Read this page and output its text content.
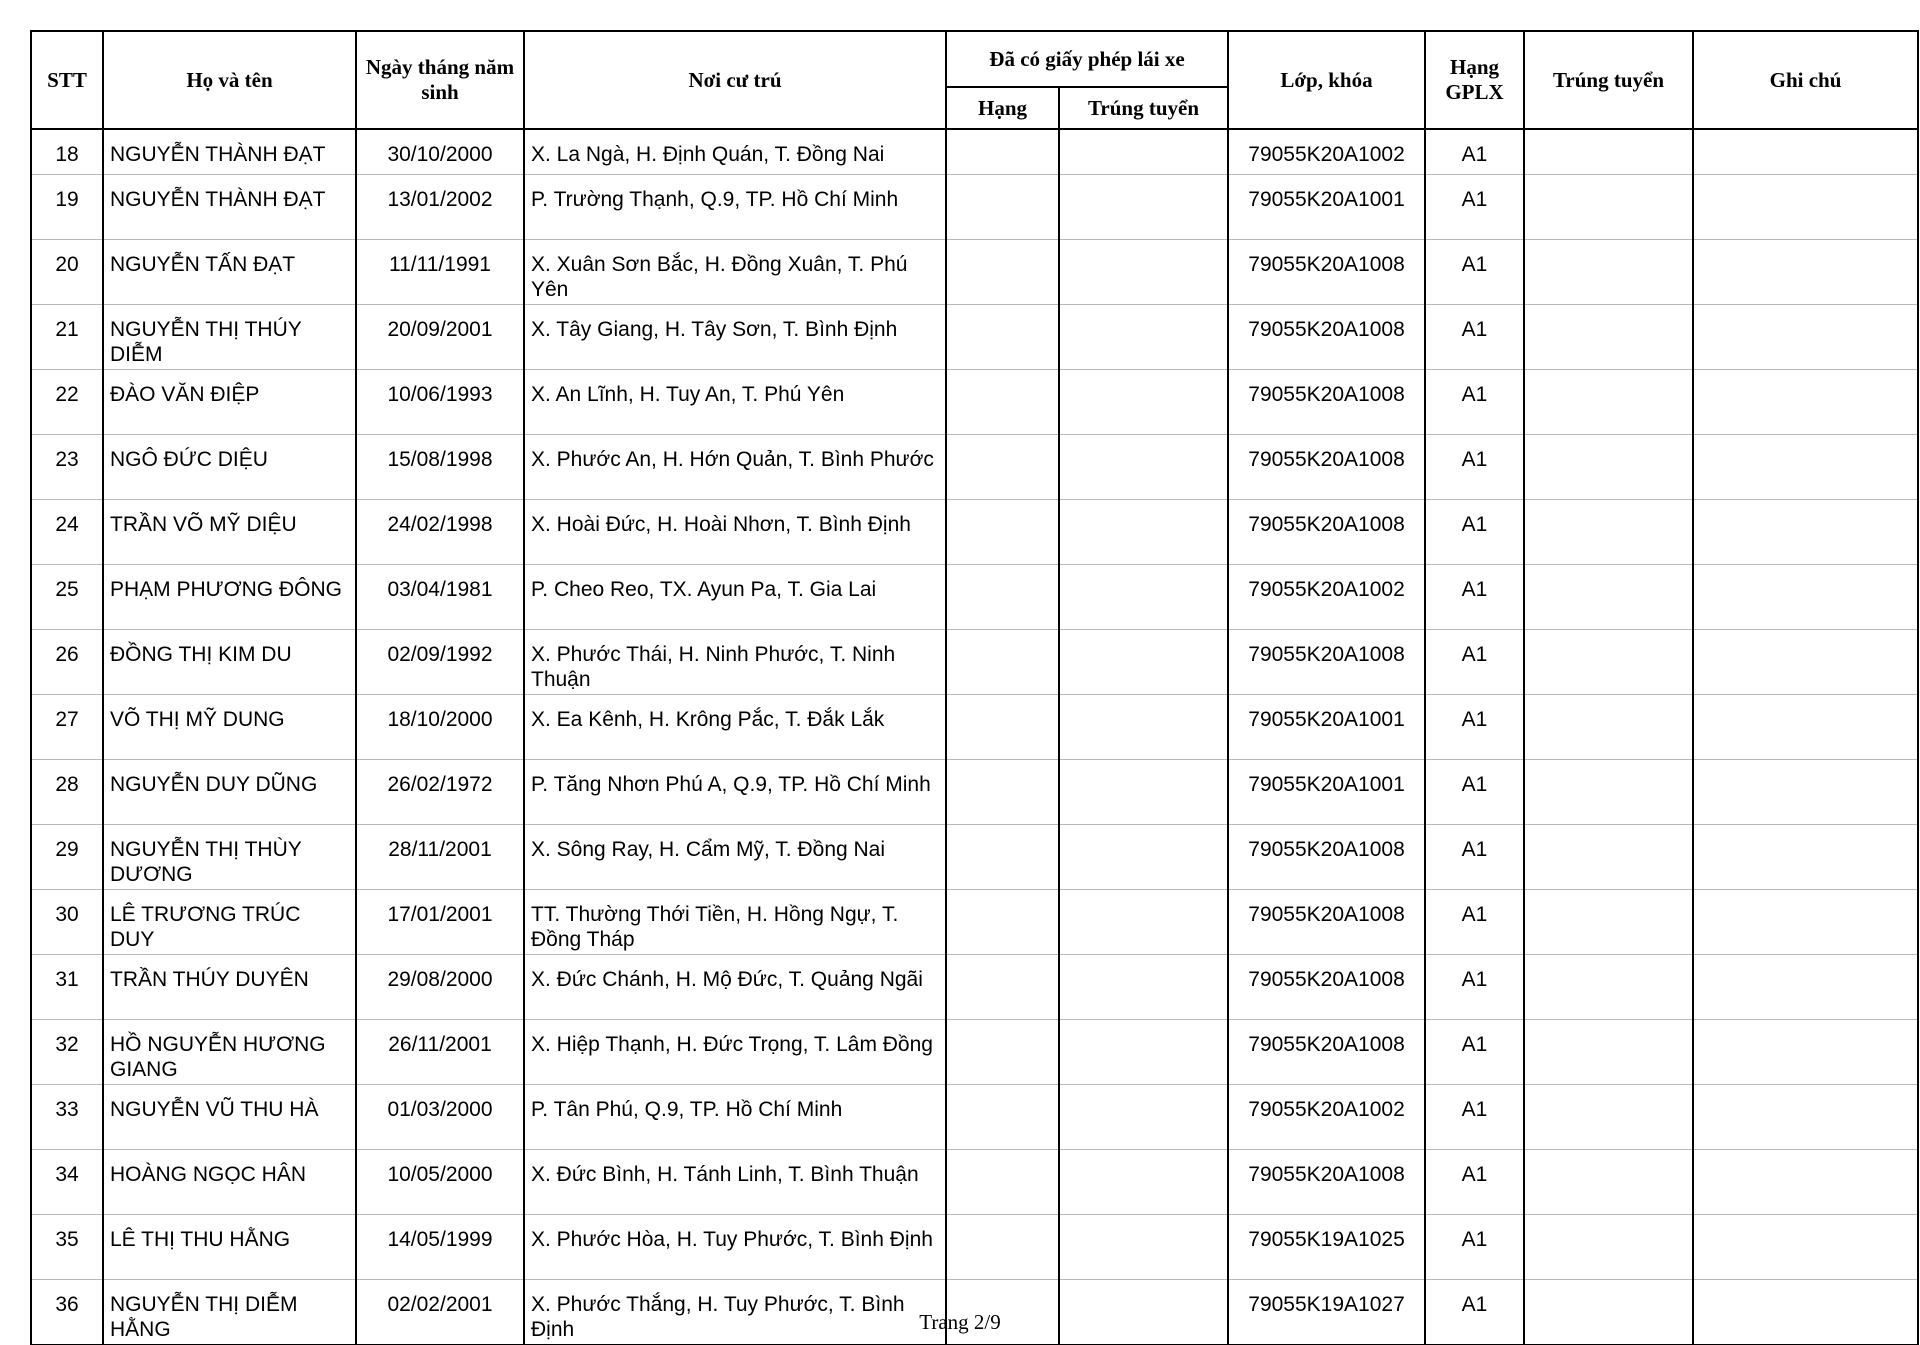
STT	Họ và tên	Ngày tháng năm sinh	Nơi cư trú	Đã có giấy phép lái xe		Lớp, khóa	Hạng GPLX	Trúng tuyển	Ghi chú
				Hạng	Trúng tuyển				
18	NGUYỄN THÀNH ĐẠT	30/10/2000	X. La Ngà, H. Định Quán, T. Đồng Nai			79055K20A1002	A1		
19	NGUYỄN THÀNH ĐẠT	13/01/2002	P. Trường Thạnh, Q.9, TP. Hồ Chí Minh			79055K20A1001	A1		
20	NGUYỄN TẤN ĐẠT	11/11/1991	X. Xuân Sơn Bắc, H. Đồng Xuân, T. Phú Yên			79055K20A1008	A1		
21	NGUYỄN THỊ THÚY DIỄM	20/09/2001	X. Tây Giang, H. Tây Sơn, T. Bình Định			79055K20A1008	A1		
22	ĐÀO VĂN ĐIỆP	10/06/1993	X. An Lĩnh, H. Tuy An, T. Phú Yên			79055K20A1008	A1		
23	NGÔ ĐỨC DIỆU	15/08/1998	X. Phước An, H. Hớn Quản, T. Bình Phước			79055K20A1008	A1		
24	TRẦN VÕ MỸ DIỆU	24/02/1998	X. Hoài Đức, H. Hoài Nhơn, T. Bình Định			79055K20A1008	A1		
25	PHẠM PHƯƠNG ĐÔNG	03/04/1981	P. Cheo Reo, TX. Ayun Pa, T. Gia Lai			79055K20A1002	A1		
26	ĐỒNG THỊ KIM DU	02/09/1992	X. Phước Thái, H. Ninh Phước, T. Ninh Thuận			79055K20A1008	A1		
27	VÕ THỊ MỸ DUNG	18/10/2000	X. Ea Kênh, H. Krông Pắc, T. Đắk Lắk			79055K20A1001	A1		
28	NGUYỄN DUY DŨNG	26/02/1972	P. Tăng Nhơn Phú A, Q.9, TP. Hồ Chí Minh			79055K20A1001	A1		
29	NGUYỄN THỊ THÙY DƯƠNG	28/11/2001	X. Sông Ray, H. Cẩm Mỹ, T. Đồng Nai			79055K20A1008	A1		
30	LÊ TRƯƠNG TRÚC DUY	17/01/2001	TT. Thường Thới Tiền, H. Hồng Ngự, T. Đồng Tháp			79055K20A1008	A1		
31	TRẦN THÚY DUYÊN	29/08/2000	X. Đức Chánh, H. Mộ Đức, T. Quảng Ngãi			79055K20A1008	A1		
32	HỒ NGUYỄN HƯƠNG GIANG	26/11/2001	X. Hiệp Thạnh, H. Đức Trọng, T. Lâm Đồng			79055K20A1008	A1		
33	NGUYỄN VŨ THU HÀ	01/03/2000	P. Tân Phú, Q.9, TP. Hồ Chí Minh			79055K20A1002	A1		
34	HOÀNG NGỌC HÂN	10/05/2000	X. Đức Bình, H. Tánh Linh, T. Bình Thuận			79055K20A1008	A1		
35	LÊ THỊ THU HẰNG	14/05/1999	X. Phước Hòa, H. Tuy Phước, T. Bình Định			79055K19A1025	A1		
36	NGUYỄN THỊ DIỄM HẰNG	02/02/2001	X. Phước Thắng, H. Tuy Phước, T. Bình Định			79055K19A1027	A1		
Trang 2/9
